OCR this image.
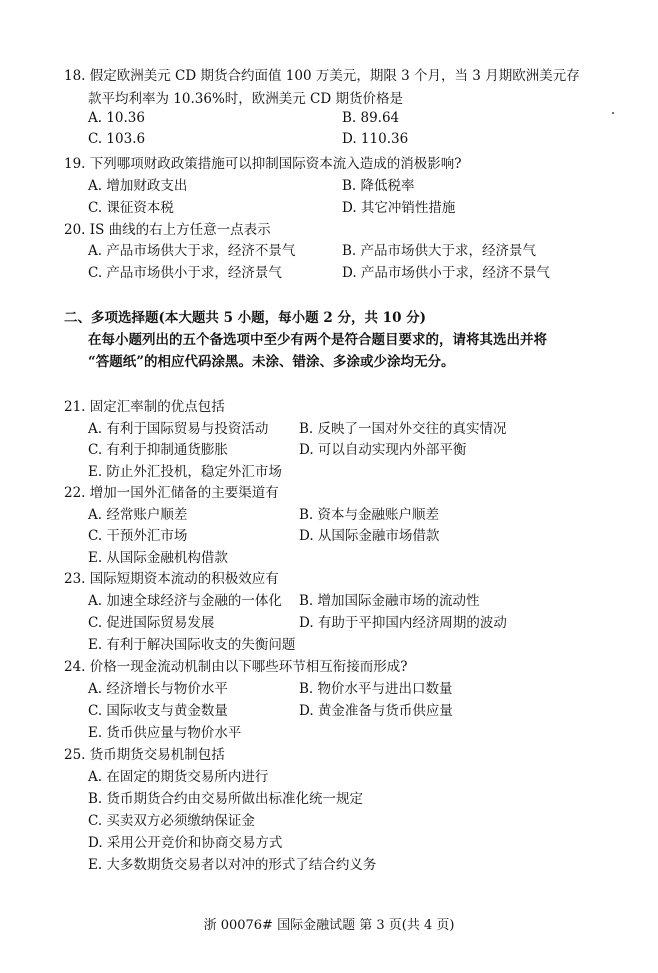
18. 假定欧洲美元 CD 期货合约面值 100 万美元，期限 3 个月，当 3 月期欧洲美元存
款平均利率为 10.36%时，欧洲美元 CD 期货价格是
A. 10.36	B. 89.64
C. 103.6	D. 110.36
19. 下列哪项财政政策措施可以抑制国际资本流入造成的消极影响?
A. 增加财政支出	B. 降低税率
C. 课征资本税	D. 其它冲销性措施
20. IS 曲线的右上方任意一点表示
A. 产品市场供大于求，经济不景气	B. 产品市场供大于求，经济景气
C. 产品市场供小于求，经济景气	D. 产品市场供小于求，经济不景气
二、多项选择题(本大题共 5 小题，每小题 2 分，共 10 分)
在每小题列出的五个备选项中至少有两个是符合题目要求的，请将其选出并将
“答题纸”的相应代码涂黑。未涂、错涂、多涂或少涂均无分。
21. 固定汇率制的优点包括
A. 有利于国际贸易与投资活动 B. 反映了一国对外交往的真实情况
C. 有利于抑制通货膨胀	D. 可以自动实现内外部平衡
E. 防止外汇投机，稳定外汇市场
22. 增加一国外汇储备的主要渠道有
A. 经常账户顺差	B. 资本与金融账户顺差
C. 干预外汇市场	D. 从国际金融市场借款
E. 从国际金融机构借款
23. 国际短期资本流动的积极效应有
A. 加速全球经济与金融的一体化 B. 增加国际金融市场的流动性
C. 促进国际贸易发展	D. 有助于平抑国内经济周期的波动
E. 有利于解决国际收支的失衡问题
24. 价格一现金流动机制由以下哪些环节相互衔接而形成?
A. 经济增长与物价水平	B. 物价水平与进出口数量
C. 国际收支与黄金数量	D. 黄金准备与货币供应量
E. 货币供应量与物价水平
25. 货币期货交易机制包括
A. 在固定的期货交易所内进行
B. 货币期货合约由交易所做出标准化统一规定
C. 买卖双方必须缴纳保证金
D. 采用公开竞价和协商交易方式
E. 大多数期货交易者以对冲的形式了结合约义务
浙 00076# 国际金融试题 第 3 页(共 4 页)
